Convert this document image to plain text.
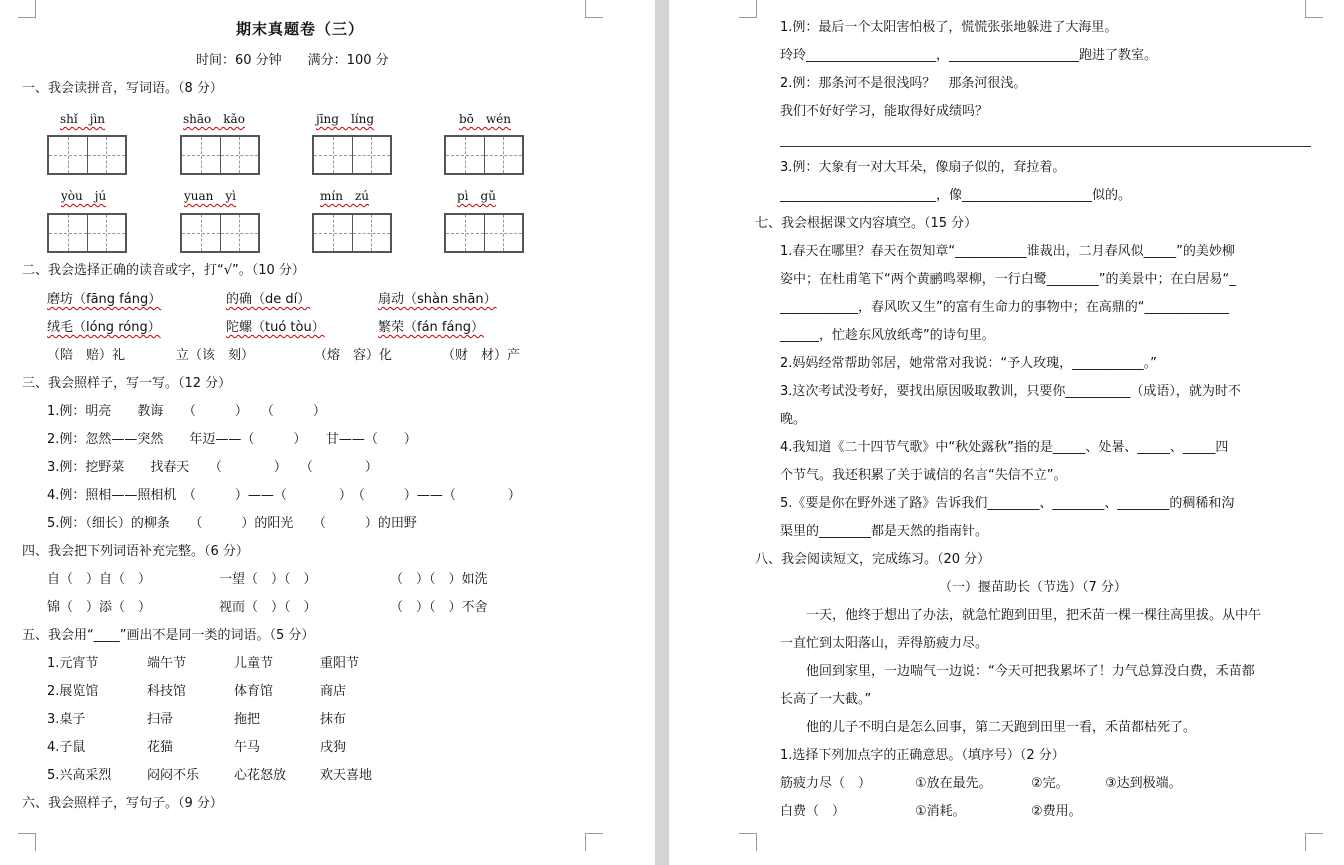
期末真题卷（三）
时间：60 分钟　　满分：100 分
一、我会读拼音，写词语。（8 分）
shǐ　jìn	shāo　kǎo	jīng　líng	bō　wén
yòu　jú	yuan　yì	mín　zú	pì　gǔ
二、我会选择正确的读音或字，打“√”。（10 分）
磨坊（fāng fáng）	的确（de dí）	扇动（shàn shān）
绒毛（lóng róng）	陀螺（tuó tòu）	繁荣（fán fáng）
（陪　赔）礼	立（该　刻）	（熔　容）化	（财　材）产
三、我会照样子，写一写。（12 分）
1.例：明亮　　教诲　　（　　　）　　（　　　）
2.例：忽然——突然　　年迈——（　　　）　　甘——（　　）
3.例：挖野菜　　找春天　　（　　　　）　　（　　　　）
4.例：照相——照相机　（　　　）——（　　　　）　（　　　）——（　　　　）
5.例：（细长）的柳条　　（　　　）的阳光　　（　　　）的田野
四、我会把下列词语补充完整。（6 分）
自（　）自（　）	一望（　）（　）	（　）（　）如洗
锦（　）添（　）	视而（　）（　）	（　）（　）不舍
五、我会用“____”画出不是同一类的词语。（5 分）
1.元宵节	端午节	儿童节	重阳节
2.展览馆	科技馆	体育馆	商店
3.桌子	扫帚	拖把	抹布
4.子鼠	花猫	午马	戌狗
5.兴高采烈	闷闷不乐	心花怒放	欢天喜地
六、我会照样子，写句子。（9 分）
1.例：最后一个太阳害怕极了，慌慌张张地躲进了大海里。
玲玲____________________，____________________跑进了教室。
2.例：那条河不是很浅吗？　那条河很浅。
我们不好好学习，能取得好成绩吗？
3.例：大象有一对大耳朵，像扇子似的，耷拉着。
________________________，像____________________似的。
七、我会根据课文内容填空。（15 分）
1.春天在哪里？春天在贺知章“___________谁裁出，二月春风似_____”的美妙柳
姿中；在杜甫笔下“两个黄鹂鸣翠柳，一行白鹭________”的美景中；在白居易“_
____________，春风吹又生”的富有生命力的事物中；在高鼎的“_____________
______，忙趁东风放纸鸢”的诗句里。
2.妈妈经常帮助邻居，她常常对我说：“予人玫瑰，___________。”
3.这次考试没考好，要找出原因吸取教训，只要你__________（成语），就为时不
晚。
4.我知道《二十四节气歌》中“秋处露秋”指的是_____、处暑、_____、_____四
个节气。我还积累了关于诚信的名言“失信不立”。
5.《要是你在野外迷了路》告诉我们________、________、________的稠稀和沟
渠里的________都是天然的指南针。
八、我会阅读短文，完成练习。（20 分）
（一）揠苗助长（节选）（7 分）
　　一天，他终于想出了办法，就急忙跑到田里，把禾苗一棵一棵往高里拔。从中午
一直忙到太阳落山，弄得筋疲力尽。
　　他回到家里，一边喘气一边说：“今天可把我累坏了！力气总算没白费，禾苗都
长高了一大截。”
　　他的儿子不明白是怎么回事，第二天跑到田里一看，禾苗都枯死了。
1.选择下列加点字的正确意思。（填序号）（2 分）
筋疲力尽（　）	①放在最先。	②完。	③达到极端。
白费（　）	①消耗。	②费用。
